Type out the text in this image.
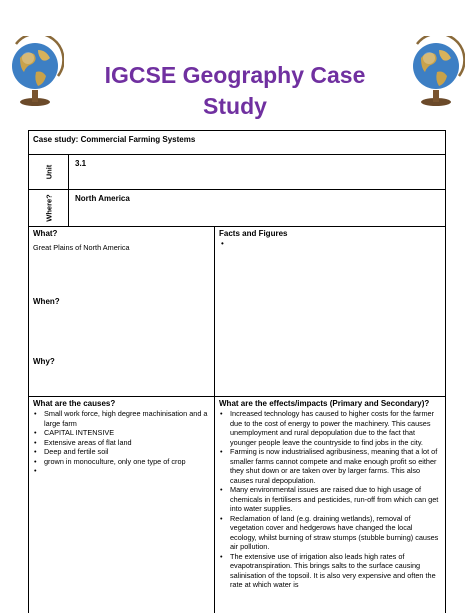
IGCSE Geography Case
Study
Case study: Commercial Farming Systems
Unit
3.1
Where?	North America
What?
Great Plains of North America
When?
Why?
Facts and Figures
•
What are the causes?
• Small work force, high degree machinisation and a large farm
• CAPITAL INTENSIVE
• Extensive areas of flat land
• Deep and fertile soil
• grown in monoculture, only one type of crop
What are the effects/impacts (Primary and Secondary)?
• Increased technology has caused to higher costs for the farmer due to the cost of energy to power the machinery. This causes unemployment and rural depopulation due to the fact that younger people leave the countryside to find jobs in the city.
• Farming is now industrialised agribusiness, meaning that a lot of smaller farms cannot compete and make enough profit so either they shut down or are taken over by larger farms. This also causes rural depopulation.
• Many environmental issues are raised due to high usage of chemicals in fertilisers and pesticides, run-off from which can get into water supplies.
• Reclamation of land (e.g. draining wetlands), removal of vegetation cover and hedgerows have changed the local ecology, whilst burning of straw stumps (stubble burning) causes air pollution.
• The extensive use of irrigation also leads high rates of evapotranspiration. This brings salts to the surface causing salinisation of the topsoil. It is also very expensive and often the rate at which water is
